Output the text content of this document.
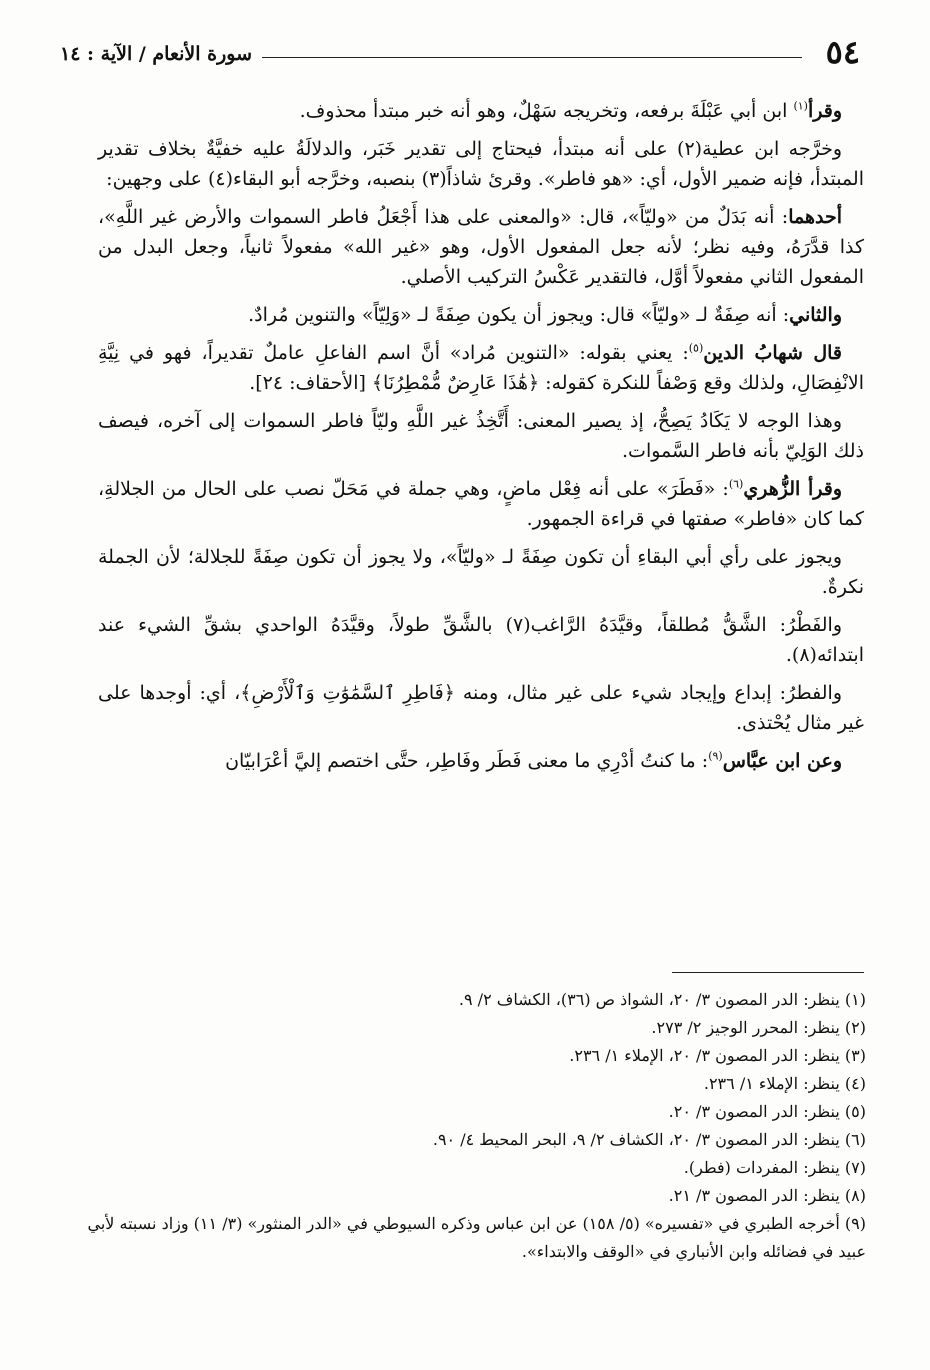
٥٤
سورة الأنعام / الآية : ١٤

وقرأ$^{(١)}$ ابن أبي عَبْلَةَ برفعه، وتخريجه سَهْلٌ، وهو أنه خبر مبتدأ محذوف.

وخرَّجه ابن عطية(٢) على أنه مبتدأ، فيحتاج إلى تقدير خَبَر، والدلالَةُ عليه خفيَّةٌ بخلاف تقدير المبتدأ، فإنه ضمير الأول، أي: «هو فاطر». وقرئ شاذاً(٣) بنصبه، وخرَّجه أبو البقاء(٤) على وجهين:

أحدهما: أنه بَدَلٌ من «وليّاً»، قال: «والمعنى على هذا أَجْعَلُ فاطر السموات والأرض غير اللَّهِ»، كذا قدَّرَهُ، وفيه نظر؛ لأنه جعل المفعول الأول، وهو «غير الله» مفعولاً ثانياً، وجعل البدل من المفعول الثاني مفعولاً أوَّل، فالتقدير عَكْسُ التركيب الأصلي.

والثاني: أنه صِفَةٌ لـ «وليّاً» قال: ويجوز أن يكون صِفَةً لـ «وَلِيّاً» والتنوين مُرادٌ.

قال شهابُ الدين$^{(٥)}$: يعني بقوله: «التنوين مُراد» أنَّ اسم الفاعلِ عاملٌ تقديراً، فهو في نِيَّةِ الانْفِصَالِ، ولذلك وقع وَصْفاً للنكرة كقوله: ﴿هَٰذَا عَارِضٌ مُّمْطِرُنَا﴾ [الأحقاف: ٢٤].

وهذا الوجه لا يَكَادُ يَصِحُّ، إذ يصير المعنى: أَتَّخِذُ غير اللَّهِ وليّاً فاطر السموات إلى آخره، فيصف ذلك الوَلِيّ بأنه فاطر السَّموات.

وقرأ الزُّهري$^{(٦)}$: «فَطَرَ» على أنه فِعْل ماضٍ، وهي جملة في مَحَلّ نصب على الحال من الجلالةِ، كما كان «فاطر» صفتها في قراءة الجمهور.

ويجوز على رأي أبي البقاءِ أن تكون صِفَةً لـ «وليّاً»، ولا يجوز أن تكون صِفَةً للجلالة؛ لأن الجملة نكرةٌ.

والفَطْرُ: الشَّقُّ مُطلقاً، وقيَّدَهُ الرَّاغب(٧) بالشَّقِّ طولاً، وقيَّدَهُ الواحدي بشقِّ الشيء عند ابتدائه(٨).

والفطرُ: إبداع وإيجاد شيء على غير مثال، ومنه ﴿فَاطِرِ ٱلسَّمَٰوَٰتِ وَٱلْأَرْضِ﴾، أي: أوجدها على غير مثال يُحْتذى.

وعن ابن عبَّاس$^{(٩)}$: ما كنتُ أدْرِي ما معنى فَطَر وفَاطِر، حتَّى اختصم إليَّ أعْرَابيّان

(١) ينظر: الدر المصون ٣/ ٢٠، الشواذ ص (٣٦)، الكشاف ٢/ ٩.
(٢) ينظر: المحرر الوجيز ٢/ ٢٧٣.
(٣) ينظر: الدر المصون ٣/ ٢٠، الإملاء ١/ ٢٣٦.
(٤) ينظر: الإملاء ١/ ٢٣٦.
(٥) ينظر: الدر المصون ٣/ ٢٠.
(٦) ينظر: الدر المصون ٣/ ٢٠، الكشاف ٢/ ٩، البحر المحيط ٤/ ٩٠.
(٧) ينظر: المفردات (فطر).
(٨) ينظر: الدر المصون ٣/ ٢١.
(٩) أخرجه الطبري في «تفسيره» (٥/ ١٥٨) عن ابن عباس وذكره السيوطي في «الدر المنثور» (٣/ ١١) وزاد نسبته لأبي عبيد في فضائله وابن الأنباري في «الوقف والابتداء».
